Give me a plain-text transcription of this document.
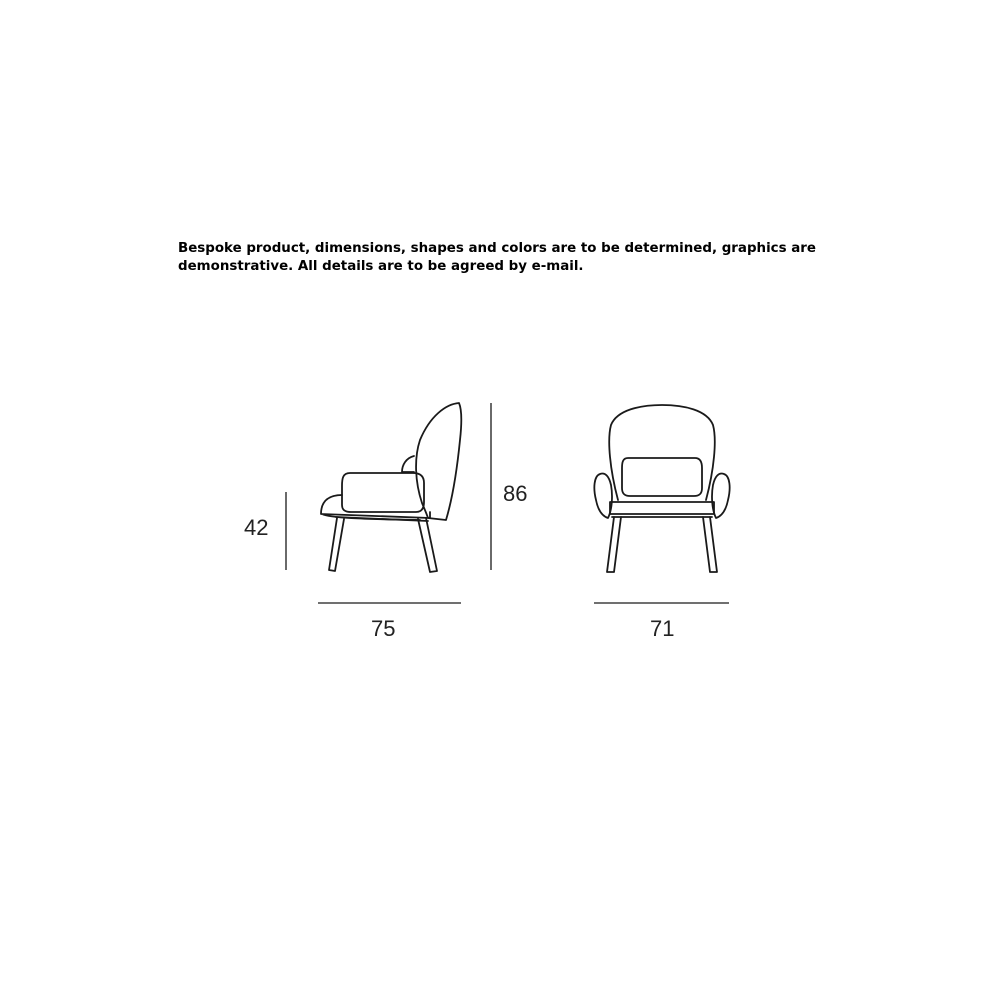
Bespoke product, dimensions, shapes and colors are to be determined, graphics are
demonstrative. All details are to be agreed by e-mail.
42
86
75	71
